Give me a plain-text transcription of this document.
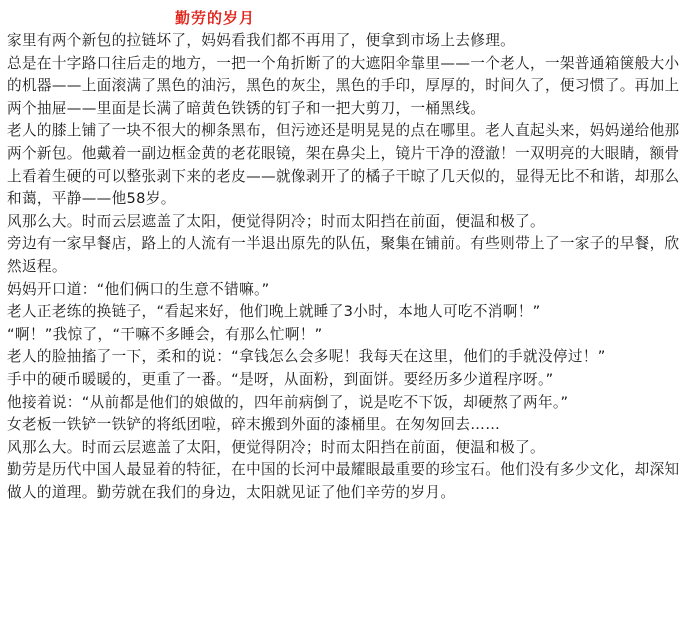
勤劳的岁月

家里有两个新包的拉链坏了，妈妈看我们都不再用了，便拿到市场上去修理。

总是在十字路口往后走的地方，一把一个角折断了的大遮阳伞靠里——一个老人，一架普通箱箧般大小的机器——上面滚满了黑色的油污，黑色的灰尘，黑色的手印，厚厚的，时间久了，便习惯了。再加上两个抽屉——里面是长满了暗黄色铁锈的钉子和一把大剪刀，一桶黑线。

老人的膝上铺了一块不很大的柳条黑布，但污迹还是明晃晃的点在哪里。老人直起头来，妈妈递给他那两个新包。他戴着一副边框金黄的老花眼镜，架在鼻尖上，镜片干净的澄澈！一双明亮的大眼睛，额骨上看着生硬的可以整张剥下来的老皮——就像剥开了的橘子干晾了几天似的，显得无比不和谐，却那么和蔼，平静——他58岁。

风那么大。时而云层遮盖了太阳，便觉得阴冷；时而太阳挡在前面，便温和极了。

旁边有一家早餐店，路上的人流有一半退出原先的队伍，聚集在铺前。有些则带上了一家子的早餐，欣然返程。

妈妈开口道：“他们俩口的生意不错嘛。”

老人正老练的换链子，“看起来好，他们晚上就睡了3小时，本地人可吃不消啊！”

“啊！”我惊了，“干嘛不多睡会，有那么忙啊！”

老人的脸抽搐了一下，柔和的说：“拿钱怎么会多呢！我每天在这里，他们的手就没停过！”

手中的硬币暖暖的，更重了一番。“是呀，从面粉，到面饼。要经历多少道程序呀。”

他接着说：“从前都是他们的娘做的，四年前病倒了，说是吃不下饭，却硬熬了两年。”

女老板一铁铲一铁铲的将纸团啦，碎末搬到外面的漆桶里。在匆匆回去……

风那么大。时而云层遮盖了太阳，便觉得阴冷；时而太阳挡在前面，便温和极了。

勤劳是历代中国人最显着的特征，在中国的长河中最耀眼最重要的珍宝石。他们没有多少文化，却深知做人的道理。勤劳就在我们的身边，太阳就见证了他们辛劳的岁月。
